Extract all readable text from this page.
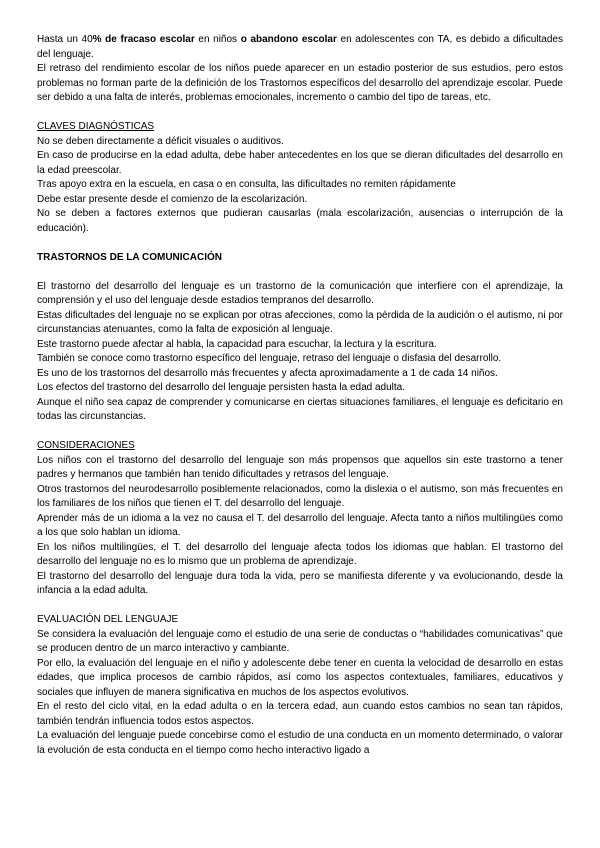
Hasta un 40% de fracaso escolar en niños o abandono escolar en adolescentes con TA, es debido a dificultades del lenguaje.

El retraso del rendimiento escolar de los niños puede aparecer en un estadio posterior de sus estudios, pero estos problemas no forman parte de la definición de los Trastornos específicos del desarrollo del aprendizaje escolar. Puede ser debido a una falta de interés, problemas emocionales, incremento o cambio del tipo de tareas, etc.

CLAVES DIAGNÓSTICAS

No se deben directamente a déficit visuales o auditivos.

En caso de producirse en la edad adulta, debe haber antecedentes en los que se dieran dificultades del desarrollo en la edad preescolar.

Tras apoyo extra en la escuela, en casa o en consulta, las dificultades no remiten rápidamente

Debe estar presente desde el comienzo de la escolarización.

No se deben a factores externos que pudieran causarlas (mala escolarización, ausencias o interrupción de la educación).

TRASTORNOS DE LA COMUNICACIÓN

El trastorno del desarrollo del lenguaje es un trastorno de la comunicación que interfiere con el aprendizaje, la comprensión y el uso del lenguaje desde estadios tempranos del desarrollo.

Estas dificultades del lenguaje no se explican por otras afecciones, como la pérdida de la audición o el autismo, ni por circunstancias atenuantes, como la falta de exposición al lenguaje.

Este trastorno puede afectar al habla, la capacidad para escuchar, la lectura y la escritura.

También se conoce como trastorno específico del lenguaje, retraso del lenguaje o disfasia del desarrollo.

Es uno de los trastornos del desarrollo más frecuentes y afecta aproximadamente a 1 de cada 14 niños.

Los efectos del trastorno del desarrollo del lenguaje persisten hasta la edad adulta.

Aunque el niño sea capaz de comprender y comunicarse en ciertas situaciones familiares, el lenguaje es deficitario en todas las circunstancias.

CONSIDERACIONES

Los niños con el trastorno del desarrollo del lenguaje son más propensos que aquellos sin este trastorno a tener padres y hermanos que también han tenido dificultades y retrasos del lenguaje.

Otros trastornos del neurodesarrollo posiblemente relacionados, como la dislexia o el autismo, son más frecuentes en los familiares de los niños que tienen el T. del desarrollo del lenguaje.

Aprender más de un idioma a la vez no causa el T. del desarrollo del lenguaje. Afecta tanto a niños multilingües como a los que solo hablan un idioma.

En los niños multilingües, el T. del desarrollo del lenguaje afecta todos los idiomas que hablan. El trastorno del desarrollo del lenguaje no es lo mismo que un problema de aprendizaje.

El trastorno del desarrollo del lenguaje dura toda la vida, pero se manifiesta diferente y va evolucionando, desde la infancia a la edad adulta.

EVALUACIÓN DEL LENGUAJE

Se considera la evaluación del lenguaje como el estudio de una serie de conductas o “habilidades comunicativas” que se producen dentro de un marco interactivo y cambiante.

Por ello, la evaluación del lenguaje en el niño y adolescente debe tener en cuenta la velocidad de desarrollo en estas edades, que implica procesos de cambio rápidos, así como los aspectos contextuales, familiares, educativos y sociales que influyen de manera significativa en muchos de los aspectos evolutivos.

En el resto del ciclo vital, en la edad adulta o en la tercera edad, aun cuando estos cambios no sean tan rápidos, también tendrán influencia todos estos aspectos.

La evaluación del lenguaje puede concebirse como el estudio de una conducta en un momento determinado, o valorar la evolución de esta conducta en el tiempo como hecho interactivo ligado a
